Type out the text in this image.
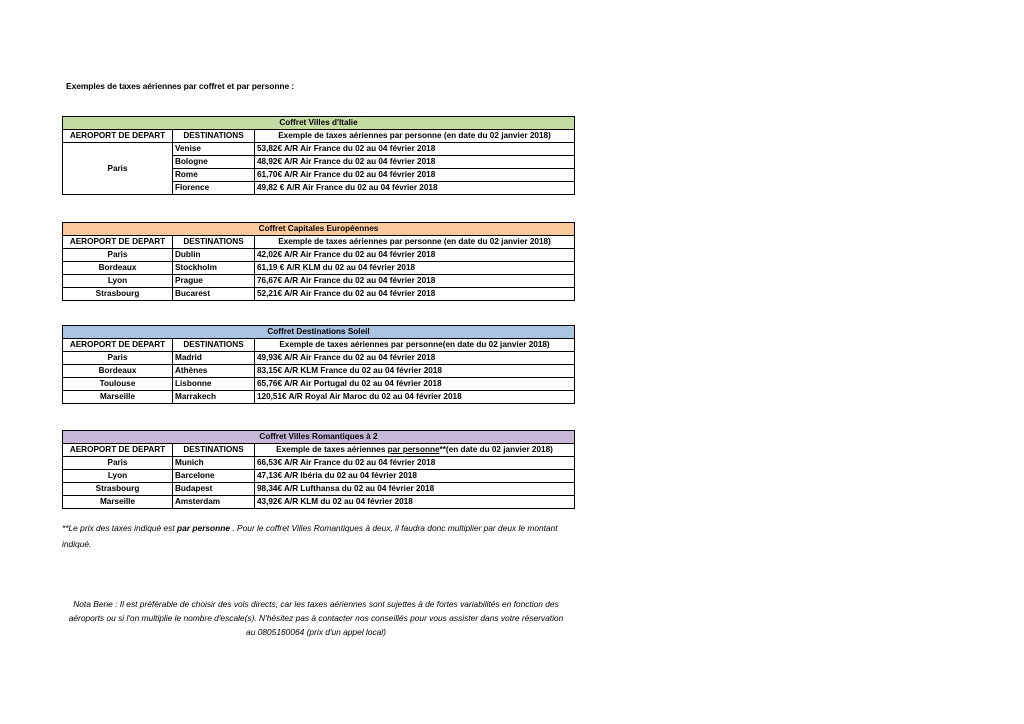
Exemples de taxes aériennes par coffret et par personne :
Coffret Villes d'Italie		
AEROPORT DE DEPART	DESTINATIONS	Exemple de taxes aériennes par personne (en date du 02 janvier 2018)
Paris	Venise	53,82€ A/R Air France du 02 au 04 février 2018
	Bologne	48,92€ A/R Air France du 02 au 04 février 2018
	Rome	61,70€ A/R Air France du 02 au 04 février 2018
	Florence	49,82 € A/R Air France du 02 au 04 février 2018
Coffret Capitales Européennes		
AEROPORT DE DEPART	DESTINATIONS	Exemple de taxes aériennes par personne (en date du 02 janvier 2018)
Paris	Dublin	42,02€ A/R Air France du 02 au 04 février 2018
Bordeaux	Stockholm	61,19 € A/R KLM du 02 au 04 février 2018
Lyon	Prague	76,67€ A/R Air France du 02 au 04 février 2018
Strasbourg	Bucarest	52,21€ A/R Air France du 02 au 04 février 2018
Coffret Destinations Soleil		
AEROPORT DE DEPART	DESTINATIONS	Exemple de taxes aériennes par personne(en date du 02 janvier 2018)
Paris	Madrid	49,93€ A/R Air France du 02 au 04 février 2018
Bordeaux	Athènes	83,15€ A/R KLM France du 02 au 04 février 2018
Toulouse	Lisbonne	65,76€ A/R Air Portugal du 02 au 04 février 2018
Marseille	Marrakech	120,51€ A/R Royal Air Maroc du 02 au 04 février 2018
Coffret Villes Romantiques à 2		
AEROPORT DE DEPART	DESTINATIONS	Exemple de taxes aériennes par personne**(en date du 02 janvier 2018)
Paris	Munich	66,53€ A/R Air France du 02 au 04 février 2018
Lyon	Barcelone	47,13€ A/R Ibéria du 02 au 04 février 2018
Strasbourg	Budapest	98,34€ A/R Lufthansa du 02 au 04 février 2018
Marseille	Amsterdam	43,92€ A/R KLM du 02 au 04 février 2018
**Le prix des taxes indiqué est par personne . Pour le coffret Villes Romantiques à deux, il faudra donc multiplier par deux le montant indiqué.
Nota Bene : Il est préférable de choisir des vols directs, car les taxes aériennes sont sujettes à de fortes variabilités en fonction des aéroports ou si l'on multiplie le nombre d'escale(s). N'hésitez pas à contacter nos conseillés pour vous assister dans votre réservation au 0805160064 (prix d'un appel local)
